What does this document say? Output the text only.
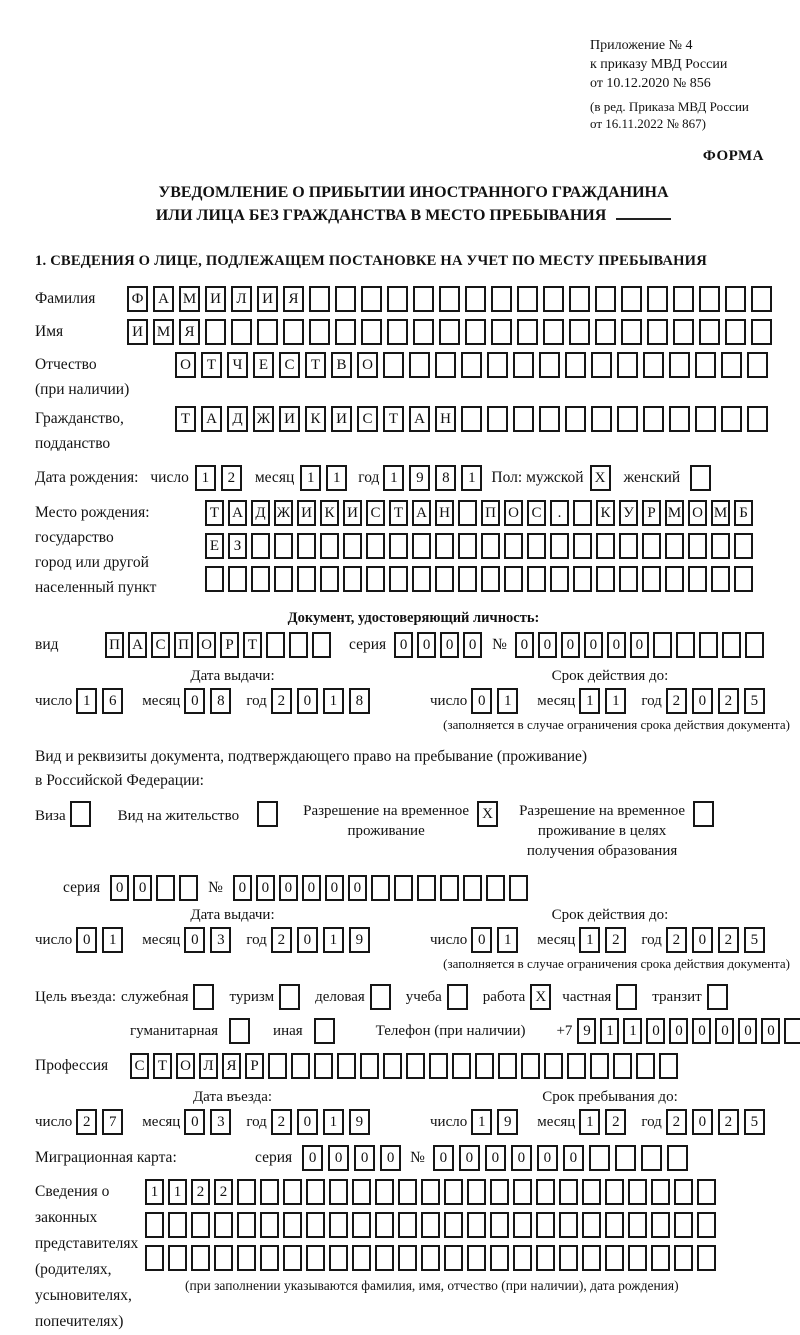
Приложение № 4
к приказу МВД России
от 10.12.2020 № 856
(в ред. Приказа МВД России
от 16.11.2022 № 867)
ФОРМА
УВЕДОМЛЕНИЕ О ПРИБЫТИИ ИНОСТРАННОГО ГРАЖДАНИНА
ИЛИ ЛИЦА БЕЗ ГРАЖДАНСТВА В МЕСТО ПРЕБЫВАНИЯ
1. СВЕДЕНИЯ О ЛИЦЕ, ПОДЛЕЖАЩЕМ ПОСТАНОВКЕ НА УЧЕТ ПО МЕСТУ ПРЕБЫВАНИЯ
Фамилия	Ф А М И	Л	И	Я
Имя	И М Я
Отчество
(при наличии)
О	Т	Ч	Е	С	Т	В	О
Гражданство,
подданство
Т	А	Д Ж И	К	И	С	Т	А	Н
Дата рождения: число 1	2	месяц 1	1	год 1	9	8	1	Пол: мужской X	женский
Место рождения:
государство
город или другой
населенный пункт
Т А Д Ж И К И С Т А Н П О С	.	К У Р М О М Б
Е З
Документ, удостоверяющий личность:
вид	П А С П О Р Т	серия 0	0	0	0	№ 0	0	0	0	0	0
Дата выдачи:
число 1	6	месяц 0	8	год 2	0	1	8
Срок действия до:
число 0	1	месяц 1	1	год 2	0	2	5
(заполняется в случае ограничения срока действия документа)
Вид и реквизиты документа, подтверждающего право на пребывание (проживание)
в Российской Федерации:
Виза	Вид на жительство	Разрешение на временное
проживание
X	Разрешение на временное
проживание в целях
получения образования
серия	0	0	№	0	0	0	0	0	0
Дата выдачи:
число 0	1	месяц 0	3	год 2	0	1	9
Срок действия до:
число 0	1	месяц 1	2	год 2	0	2	5
(заполняется в случае ограничения срока действия документа)
Цель въезда: служебная	туризм	деловая	учеба	работа X	частная	транзит
гуманитарная	иная	Телефон (при наличии) +7 9	1	1	0	0	0	0	0	0
Профессия	С Т О Л Я Р
Дата въезда:
число 2	7	месяц 0	3	год 2	0	1	9
Срок пребывания до:
число 1	9	месяц 1	2	год 2	0	2	5
Миграционная карта:	серия	0	0	0	0	№ 0	0	0	0	0	0
Сведения о
законных
представителях
(родителях,
усыновителях,
попечителях)
1	1	2	2
(при заполнении указываются фамилия, имя, отчество (при наличии), дата рождения)
